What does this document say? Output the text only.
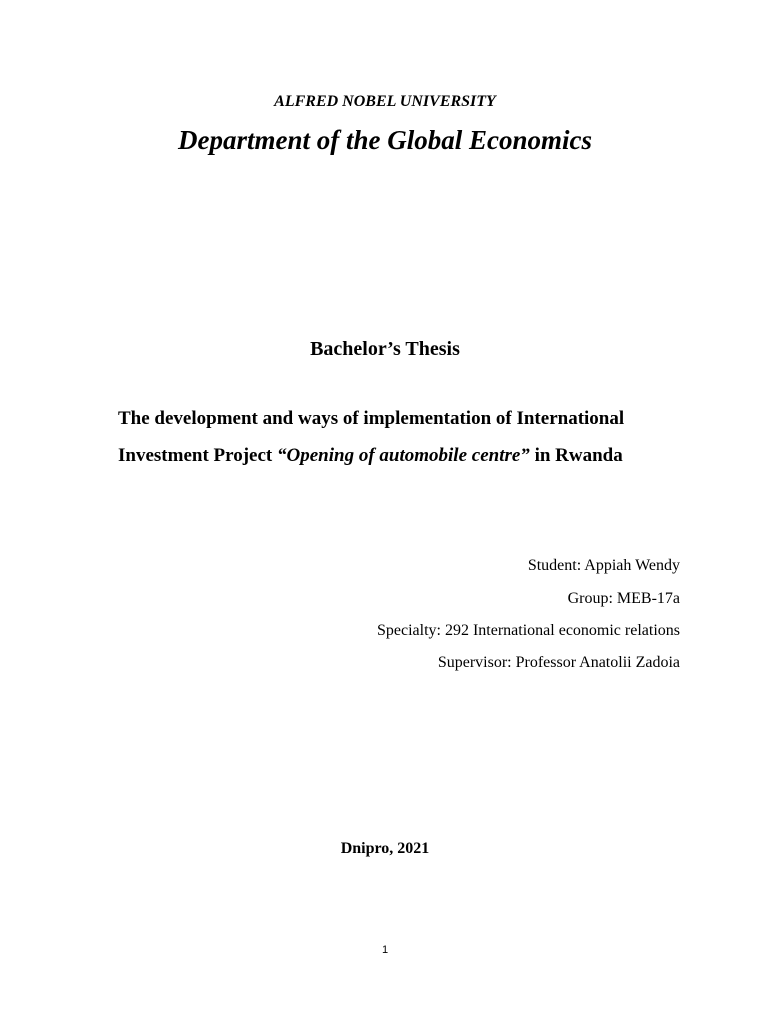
ALFRED NOBEL UNIVERSITY
Department of the Global Economics
Bachelor’s Thesis
The development and ways of implementation of International
Investment Project “Opening of automobile centre” in Rwanda
Student: Appiah Wendy
Group: MEB-17a
Specialty: 292 International economic relations
Supervisor: Professor Anatolii Zadoia
Dnipro, 2021
1
